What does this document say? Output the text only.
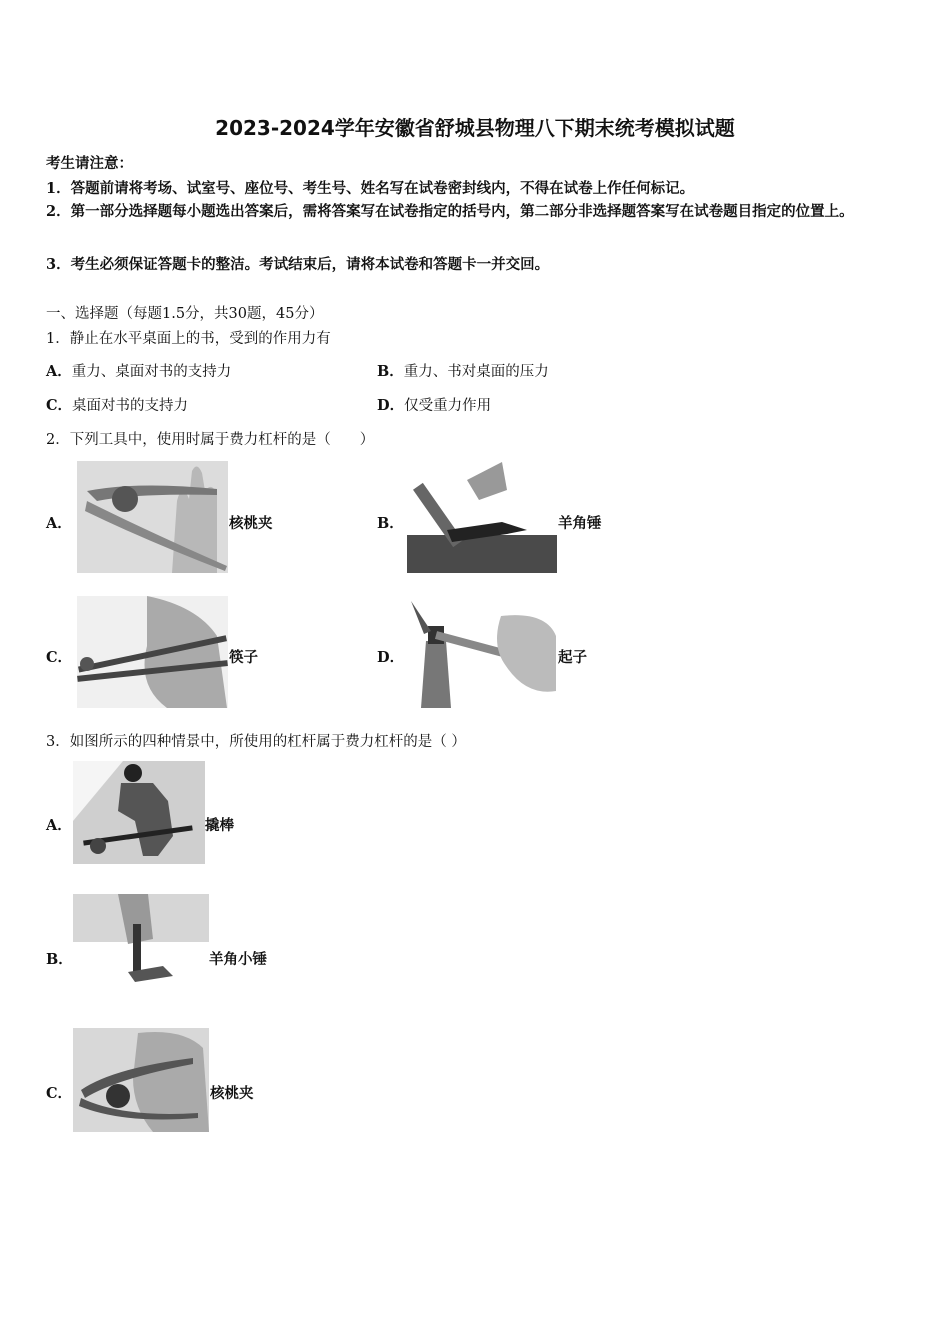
2023-2024学年安徽省舒城县物理八下期末统考模拟试题
考生请注意：
1．答题前请将考场、试室号、座位号、考生号、姓名写在试卷密封线内，不得在试卷上作任何标记。
2．第一部分选择题每小题选出答案后，需将答案写在试卷指定的括号内，第二部分非选择题答案写在试卷题目指定的位置上。
3．考生必须保证答题卡的整洁。考试结束后，请将本试卷和答题卡一并交回。
一、选择题（每题1.5分，共30题，45分）
1．静止在水平桌面上的书，受到的作用力有
A．重力、桌面对书的支持力	B．重力、书对桌面的压力
C．桌面对书的支持力	D．仅受重力作用
2．下列工具中，使用时属于费力杠杆的是（　　）
A．	核桃夹	B．	羊角锤
C．	筷子	D．	起子
3．如图所示的四种情景中，所使用的杠杆属于费力杠杆的是（ ）
A．	撬棒
B．	羊角小锤
C．	核桃夹
